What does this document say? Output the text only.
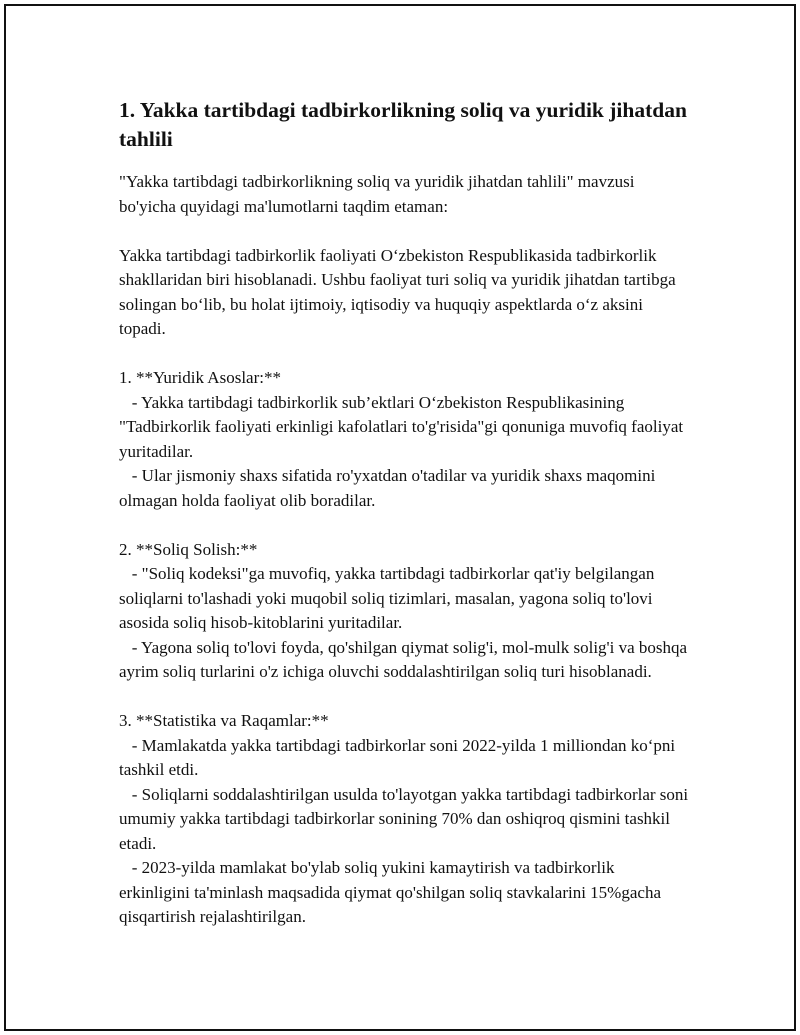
1. Yakka tartibdagi tadbirkorlikning soliq va yuridik jihatdan tahlili

"Yakka tartibdagi tadbirkorlikning soliq va yuridik jihatdan tahlili" mavzusi bo'yicha quyidagi ma'lumotlarni taqdim etaman:

Yakka tartibdagi tadbirkorlik faoliyati O‘zbekiston Respublikasida tadbirkorlik shakllaridan biri hisoblanadi. Ushbu faoliyat turi soliq va yuridik jihatdan tartibga solingan bo‘lib, bu holat ijtimoiy, iqtisodiy va huquqiy aspektlarda o‘z aksini topadi.

1. **Yuridik Asoslar:**
- Yakka tartibdagi tadbirkorlik sub’ektlari O‘zbekiston Respublikasining "Tadbirkorlik faoliyati erkinligi kafolatlari to'g'risida"gi qonuniga muvofiq faoliyat yuritadilar.
- Ular jismoniy shaxs sifatida ro'yxatdan o'tadilar va yuridik shaxs maqomini olmagan holda faoliyat olib boradilar.
2. **Soliq Solish:**
- "Soliq kodeksi"ga muvofiq, yakka tartibdagi tadbirkorlar qat'iy belgilangan soliqlarni to'lashadi yoki muqobil soliq tizimlari, masalan, yagona soliq to'lovi asosida soliq hisob-kitoblarini yuritadilar.
- Yagona soliq to'lovi foyda, qo'shilgan qiymat solig'i, mol-mulk solig'i va boshqa ayrim soliq turlarini o'z ichiga oluvchi soddalashtirilgan soliq turi hisoblanadi.
3. **Statistika va Raqamlar:**
- Mamlakatda yakka tartibdagi tadbirkorlar soni 2022-yilda 1 milliondan ko‘pni tashkil etdi.
- Soliqlarni soddalashtirilgan usulda to'layotgan yakka tartibdagi tadbirkorlar soni umumiy yakka tartibdagi tadbirkorlar sonining 70% dan oshiqroq qismini tashkil etadi.
- 2023-yilda mamlakat bo'ylab soliq yukini kamaytirish va tadbirkorlik erkinligini ta'minlash maqsadida qiymat qo'shilgan soliq stavkalarini 15%gacha qisqartirish rejalashtirilgan.
